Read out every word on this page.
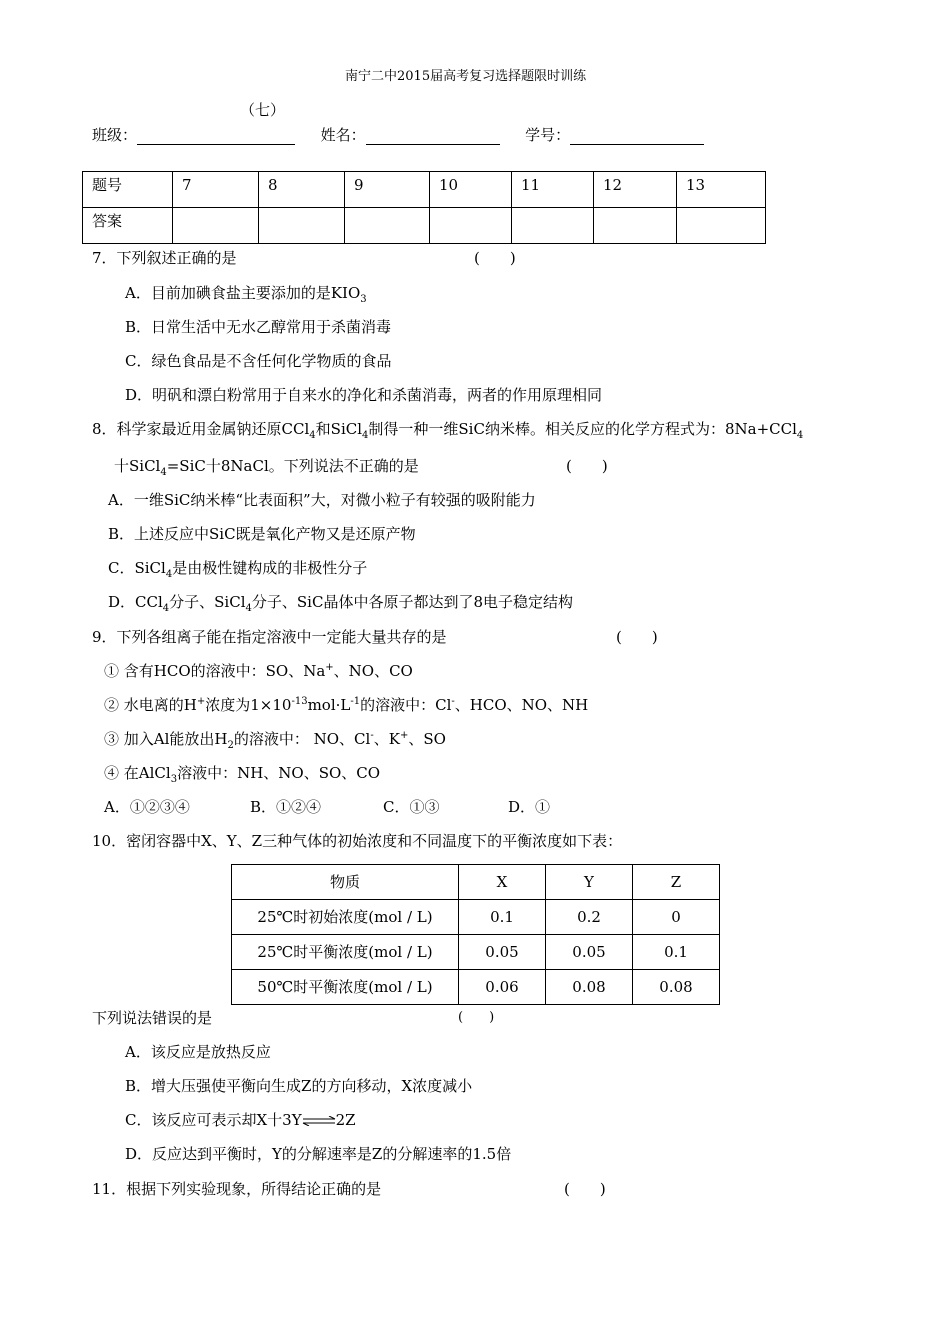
南宁二中2015届高考复习选择题限时训练
（七）
班级：	姓名：	学号：
题号	7	8	9	10	11	12	13
答案							
7．下列叙述正确的是	(　　)
A．目前加碘食盐主要添加的是$KIO_3$
B．日常生活中无水乙醇常用于杀菌消毒
C．绿色食品是不含任何化学物质的食品
D．明矾和漂白粉常用于自来水的净化和杀菌消毒，两者的作用原理相同
8．科学家最近用金属钠还原CCl$_4$和SiCl$_4$制得一种一维SiC纳米棒。相关反应的化学方程式为：8Na+CCl$_4$
十SiCl$_4$=SiC十8NaCl。下列说法不正确的是	(　　)
A．一维SiC纳米棒“比表面积”大，对微小粒子有较强的吸附能力
B．上述反应中SiC既是氧化产物又是还原产物
C．SiCl$_4$是由极性键构成的非极性分子
D．CCl$_4$分子、SiCl$_4$分子、SiC晶体中各原子都达到了8电子稳定结构
9．下列各组离子能在指定溶液中一定能大量共存的是	(　　)
① 含有HCO的溶液中：SO、Na+、NO、CO
② 水电离的H+浓度为$1\times 10^{-13}mol\cdot L^{-1}$的溶液中：Cl-、HCO、NO、NH
③ 加入Al能放出$H_2$的溶液中： NO、Cl-、K+、SO
④ 在AlCl$_3$溶液中：NH、NO、SO、CO
A．①②③④	B．①②④	C．①③	D．①
10．密闭容器中X、Y、Z三种气体的初始浓度和不同温度下的平衡浓度如下表：
物质	X	Y	Z
25℃时初始浓度(mol / L)	0.1	0.2	0
25℃时平衡浓度(mol / L)	0.05	0.05	0.1
50℃时平衡浓度(mol / L)	0.06	0.08	0.08
下列说法错误的是	(　　)
A．该反应是放热反应
B．增大压强使平衡向生成Z的方向移动，X浓度减小
C．该反应可表示却X十3Y⇌2Z
D．反应达到平衡时，Y的分解速率是Z的分解速率的1.5倍
11．根据下列实验现象，所得结论正确的是	(　　)
